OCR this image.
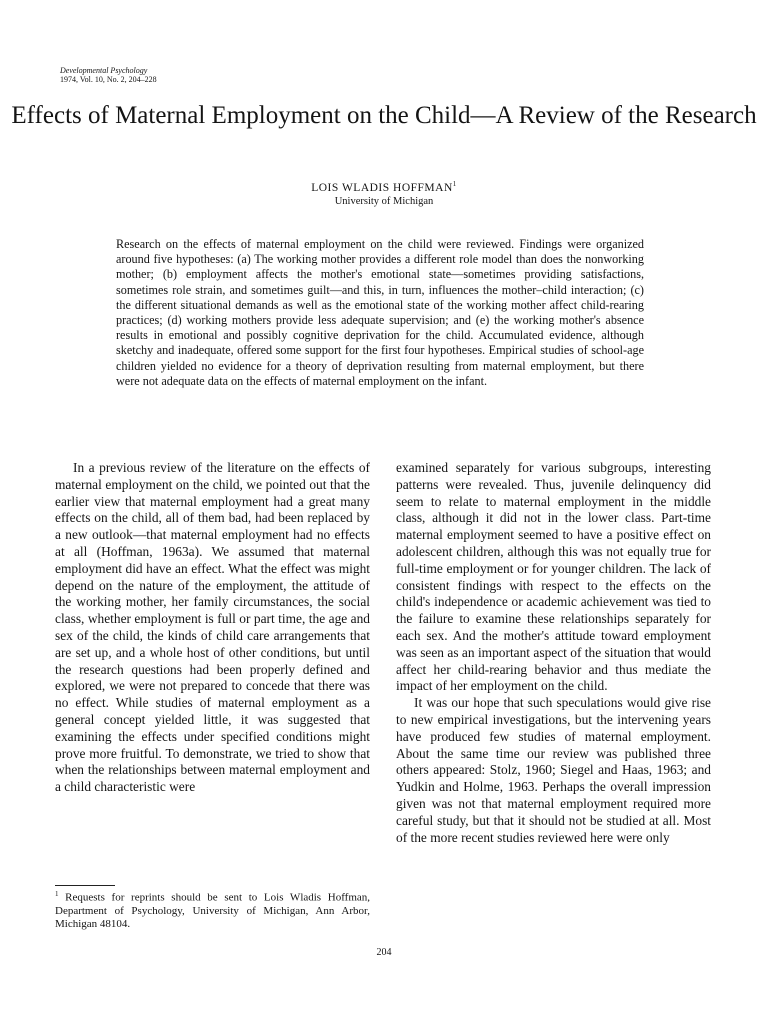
Developmental Psychology
1974, Vol. 10, No. 2, 204–228
Effects of Maternal Employment on the Child—A Review of the Research
LOIS WLADIS HOFFMAN$^1$
University of Michigan

Research on the effects of maternal employment on the child were reviewed. Findings were organized around five hypotheses: (a) The working mother provides a different role model than does the nonworking mother; (b) employment affects the mother's emotional state—sometimes providing satisfactions, sometimes role strain, and sometimes guilt—and this, in turn, influences the mother–child interaction; (c) the different situational demands as well as the emotional state of the working mother affect child-rearing practices; (d) working mothers provide less adequate supervision; and (e) the working mother's absence results in emotional and possibly cognitive deprivation for the child. Accumulated evidence, although sketchy and inadequate, offered some support for the first four hypotheses. Empirical studies of school-age children yielded no evidence for a theory of deprivation resulting from maternal employment, but there were not adequate data on the effects of maternal employment on the infant.

In a previous review of the literature on the effects of maternal employment on the child, we pointed out that the earlier view that maternal employment had a great many effects on the child, all of them bad, had been replaced by a new outlook—that maternal employment had no effects at all (Hoffman, 1963a). We assumed that maternal employment did have an effect. What the effect was might depend on the nature of the employment, the attitude of the working mother, her family circumstances, the social class, whether employment is full or part time, the age and sex of the child, the kinds of child care arrangements that are set up, and a whole host of other conditions, but until the research questions had been properly defined and explored, we were not prepared to concede that there was no effect. While studies of maternal employment as a general concept yielded little, it was suggested that examining the effects under specified conditions might prove more fruitful. To demonstrate, we tried to show that when the relationships between maternal employment and a child characteristic were

examined separately for various subgroups, interesting patterns were revealed. Thus, juvenile delinquency did seem to relate to maternal employment in the middle class, although it did not in the lower class. Part-time maternal employment seemed to have a positive effect on adolescent children, although this was not equally true for full-time employment or for younger children. The lack of consistent findings with respect to the effects on the child's independence or academic achievement was tied to the failure to examine these relationships separately for each sex. And the mother's attitude toward employment was seen as an important aspect of the situation that would affect her child-rearing behavior and thus mediate the impact of her employment on the child.

It was our hope that such speculations would give rise to new empirical investigations, but the intervening years have produced few studies of maternal employment. About the same time our review was published three others appeared: Stolz, 1960; Siegel and Haas, 1963; and Yudkin and Holme, 1963. Perhaps the overall impression given was not that maternal employment required more careful study, but that it should not be studied at all. Most of the more recent studies reviewed here were only

$^1$ Requests for reprints should be sent to Lois Wladis Hoffman, Department of Psychology, University of Michigan, Ann Arbor, Michigan 48104.

204
